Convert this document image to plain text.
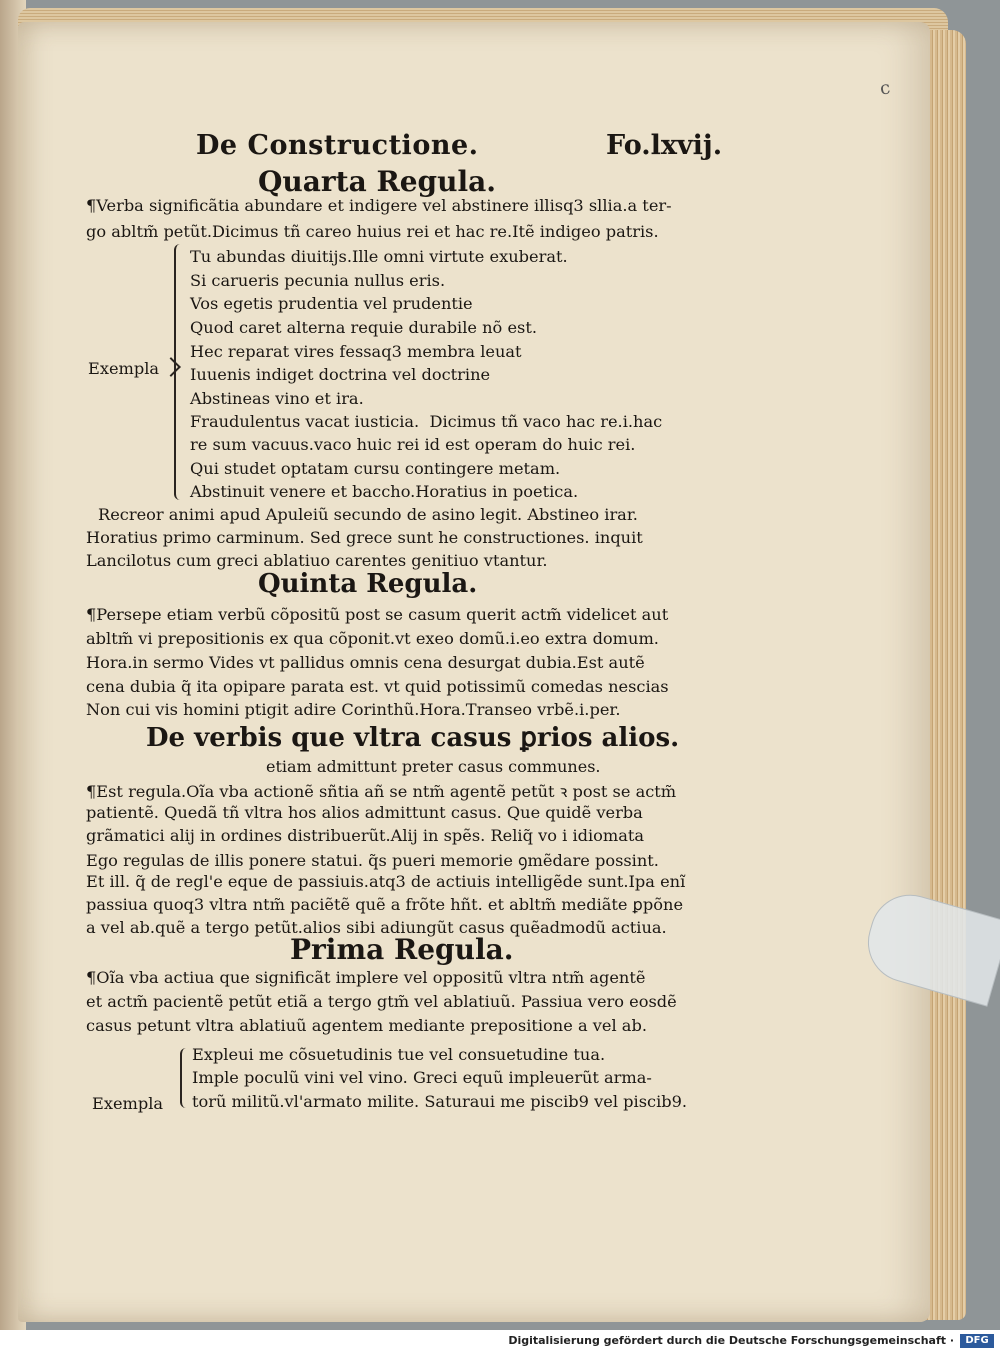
c
De Constructione.	Fo.lxvij.
Quarta Regula.
¶Verba significãtia abundare et indigere vel abstinere illisq3 sllia.a ter-
go abltm̃ petũt.Dicimus tñ careo huius rei et hac re.Itẽ indigeo patris.
Exempla
Tu abundas diuitijs.Ille omni virtute exuberat.
Si carueris pecunia nullus eris.
Vos egetis prudentia vel prudentie
Quod caret alterna requie durabile nõ est.
Hec reparat vires fessaq3 membra leuat
Iuuenis indiget doctrina vel doctrine
Abstineas vino et ira.
Fraudulentus vacat iusticia.  Dicimus tñ vaco hac re.i.hac
re sum vacuus.vaco huic rei id est operam do huic rei.
Qui studet optatam cursu contingere metam.
Abstinuit venere et baccho.Horatius in poetica.
Recreor animi apud Apuleiũ secundo de asino legit. Abstineo irar.
Horatius primo carminum. Sed grece sunt he constructiones. inquit
Lancilotus cum greci ablatiuo carentes genitiuo vtantur.
Quinta Regula.
¶Persepe etiam verbũ cõpositũ post se casum querit actm̃ videlicet aut
abltm̃ vi prepositionis ex qua cõponit.vt exeo domũ.i.eo extra domum.
Hora.in sermo Vides vt pallidus omnis cena desurgat dubia.Est autẽ
cena dubia q̃ ita opipare parata est. vt quid potissimũ comedas nescias
Non cui vis homini ptigit adire Corinthũ.Hora.Transeo vrbẽ.i.per.
De verbis que vltra casus ꝑrios alios.
etiam admittunt preter casus communes.
¶Est regula.Oĩa vba actionẽ sñtia añ se ntm̃ agentẽ petũt ꝛ post se actm̃
patientẽ. Quedã tñ vltra hos alios admittunt casus. Que quidẽ verba
grãmatici alij in ordines distribuerũt.Alij in spẽs. Reliq̃ vo i idiomata
Ego regulas de illis ponere statui. q̃s pueri memorie ꝯmẽdare possint.
Et ill. q̃ de regl'e eque de passiuis.atq3 de actiuis intelligẽde sunt.Ipa enĩ
passiua quoq3 vltra ntm̃ paciẽtẽ quẽ a frõte hñt. et abltm̃ mediãte ꝑpõne
a vel ab.quẽ a tergo petũt.alios sibi adiungũt casus quẽadmodũ actiua.
Prima Regula.
¶Oĩa vba actiua que significãt implere vel oppositũ vltra ntm̃ agentẽ
et actm̃ pacientẽ petũt etiã a tergo gtm̃ vel ablatiuũ. Passiua vero eosdẽ
casus petunt vltra ablatiuũ agentem mediante prepositione a vel ab.
Exempla
Expleui me cõsuetudinis tue vel consuetudine tua.
Imple poculũ vini vel vino. Greci equũ impleuerũt arma-
torũ militũ.vl'armato milite. Saturaui me piscib9 vel piscib9.
Digitalisierung gefördert durch die Deutsche Forschungsgemeinschaft ·	DFG
